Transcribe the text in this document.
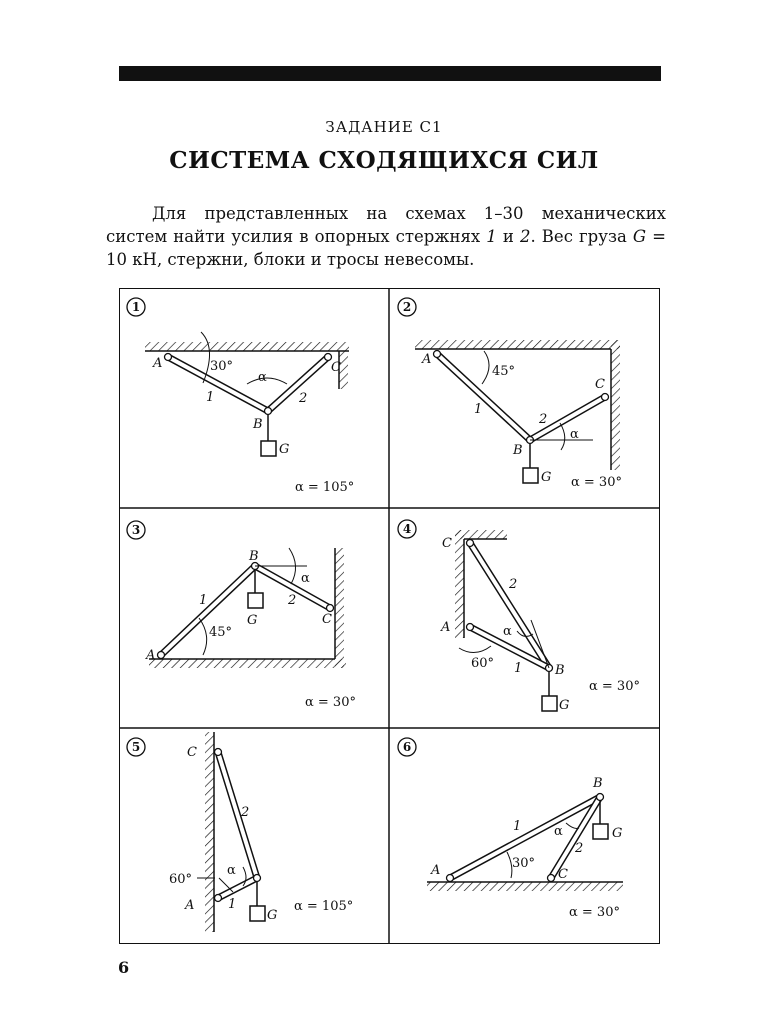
ЗАДАНИЕ С1
СИСТЕМА СХОДЯЩИХСЯ СИЛ

Для представленных на схемах 1–30 механических систем найти усилия в опорных стержнях 1 и 2. Вес груза G = 10 кН, стержни, блоки и тросы невесомы.

1
A	C
B
G
1	2
30°
α
α = 105°
2
A
C
B
G
1
2
45°
α
α = 30°
3
A
B
C
G
1	2
45°
α
α = 30°
4
C
A
B
G
1
2
60°
α
α = 30°
5	C
A
G
1
2
60°
α
α = 105°
6
A
B
C
G
1
2
30°
α
α = 30°
6
